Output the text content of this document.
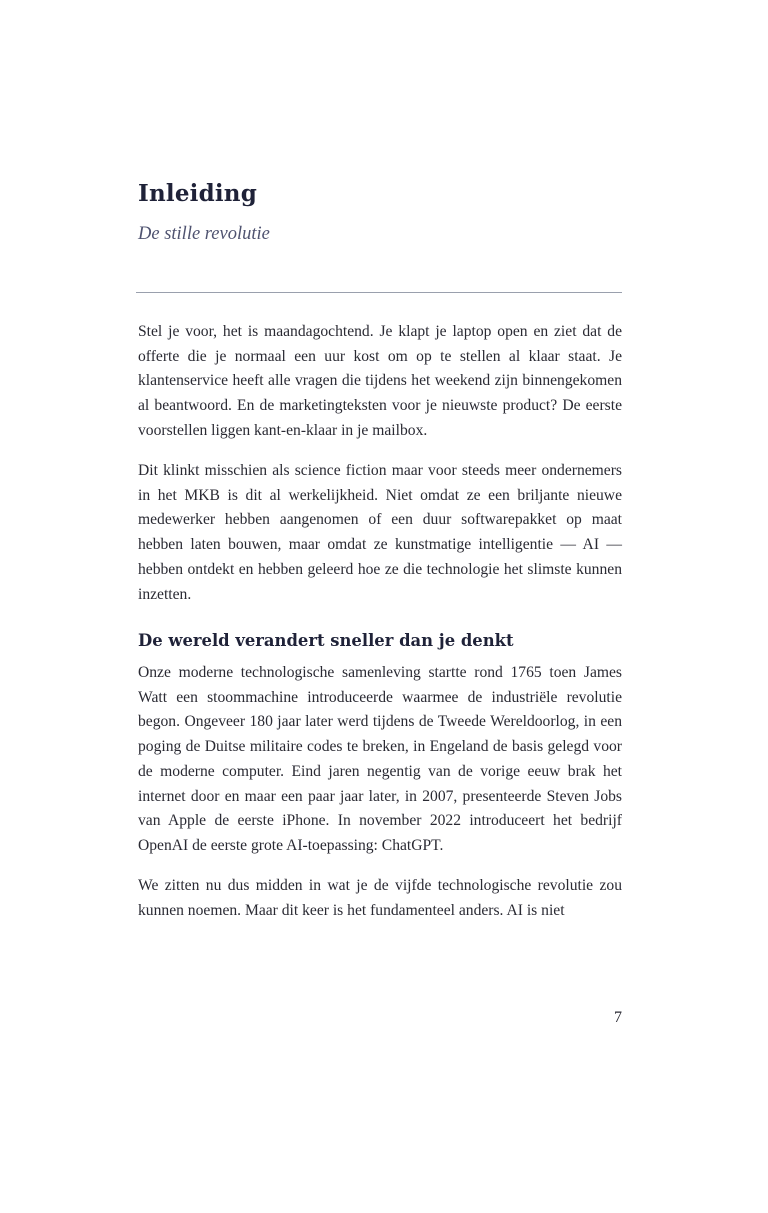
Inleiding

De stille revolutie

Stel je voor, het is maandagochtend. Je klapt je laptop open en ziet dat de offerte die je normaal een uur kost om op te stellen al klaar staat. Je klantenservice heeft alle vragen die tijdens het weekend zijn binnengekomen al beantwoord. En de marketingteksten voor je nieuwste product? De eerste voorstellen liggen kant-en-klaar in je mailbox.

Dit klinkt misschien als science fiction maar voor steeds meer ondernemers in het MKB is dit al werkelijkheid. Niet omdat ze een briljante nieuwe medewerker hebben aangenomen of een duur softwarepakket op maat hebben laten bouwen, maar omdat ze kunstmatige intelligentie — AI — hebben ontdekt en hebben geleerd hoe ze die technologie het slimste kunnen inzetten.

De wereld verandert sneller dan je denkt

Onze moderne technologische samenleving startte rond 1765 toen James Watt een stoommachine introduceerde waarmee de industriële revolutie begon. Ongeveer 180 jaar later werd tijdens de Tweede Wereldoorlog, in een poging de Duitse militaire codes te breken, in Engeland de basis gelegd voor de moderne computer. Eind jaren negentig van de vorige eeuw brak het internet door en maar een paar jaar later, in 2007, presenteerde Steven Jobs van Apple de eerste iPhone. In november 2022 introduceert het bedrijf OpenAI de eerste grote AI-toepassing: ChatGPT.

We zitten nu dus midden in wat je de vijfde technologische revolutie zou kunnen noemen. Maar dit keer is het fundamenteel anders. AI is niet

7
